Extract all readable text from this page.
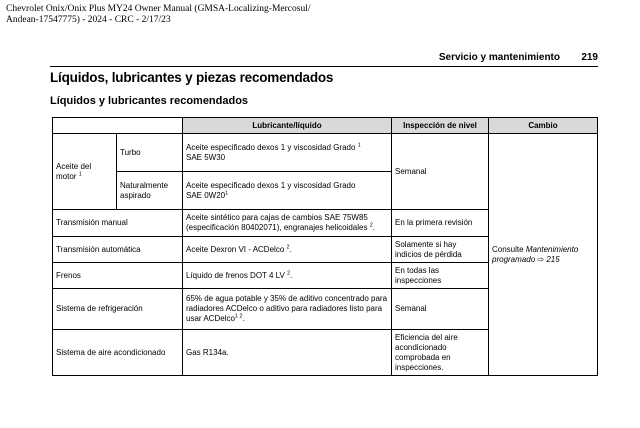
Chevrolet Onix/Onix Plus MY24 Owner Manual (GMSA-Localizing-Mercosul/
Andean-17547775) - 2024 - CRC - 2/17/23
Servicio y mantenimiento 219
Líquidos, lubricantes y piezas recomendados
Líquidos y lubricantes recomendados
		Lubricante/líquido	Inspección de nivel	Cambio
Aceite del motor $^1$	Turbo	Aceite especificado dexos 1 y viscosidad Grado $^1$
SAE 5W30	Semanal	Consulte Mantenimiento programado ⇨ 215
	Naturalmente aspirado	Aceite especificado dexos 1 y viscosidad Grado
SAE $0W20^1$
Transmisión manual		Aceite sintético para cajas de cambios SAE 75W85 (especificación 80402071), engranajes helicoidales $^2$.	En la primera revisión	
Transmisión automática		Aceite Dexron VI - ACDelco $^2$.	Solamente si hay indicios de pérdida	
Frenos		Líquido de frenos DOT 4 LV $^2$.	En todas las inspecciones	
Sistema de refrigeración		65% de agua potable y 35% de aditivo concentrado para radiadores ACDelco o aditivo para radiadores listo para usar ACDelco$^{1 2}$.	Semanal	
Sistema de aire acondicionado		Gas R134a.	Eficiencia del aire acondicionado comprobada en inspecciones.	
